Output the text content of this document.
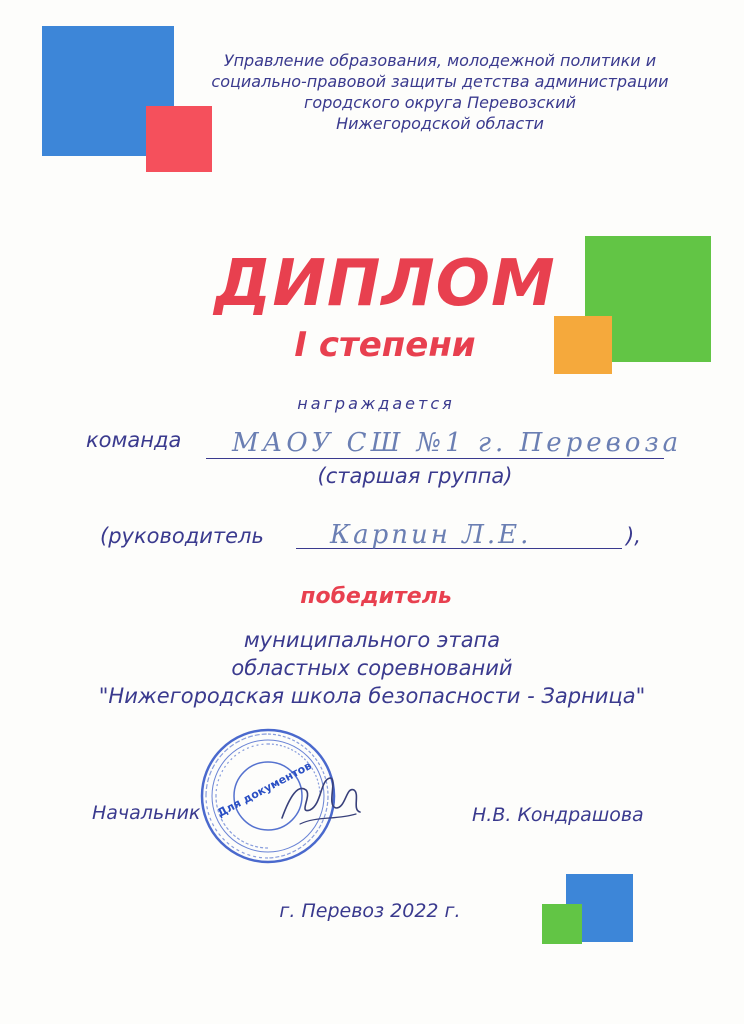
Управление образования, молодежной политики и
социально-правовой защиты детства администрации
городского округа Перевозский
Нижегородской области
ДИПЛОМ
I степени
награждается
команда МАОУ СШ №1 г. Перевоза
(старшая группа)
(руководитель	Карпин Л.Е.	),
победитель
муниципального этапа
областных соревнований
"Нижегородская школа безопасности - Зарница"
Для документов
Начальник	Н.В. Кондрашова
г. Перевоз 2022 г.
